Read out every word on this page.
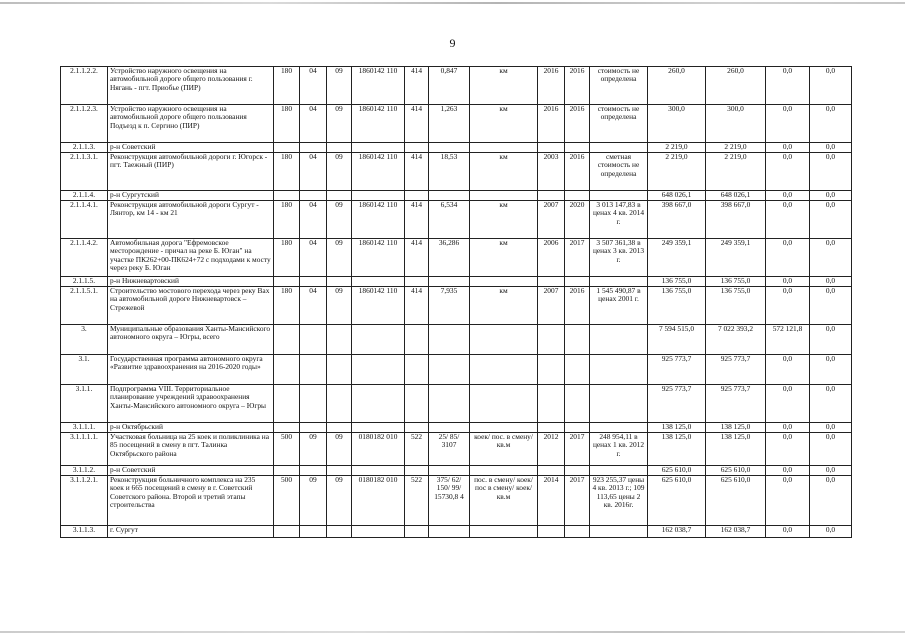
9
2.1.1.2.2.	Устройство наружного освещения на автомобильной дороге общего пользования г. Нягань - пгт. Приобье (ПИР)	180	04	09	1860142 110	414	0,847	км	2016	2016	стоимость не определена	260,0	260,0	0,0	0,0
2.1.1.2.3.	Устройство наружного освещения на автомобильной дороге общего пользования Подъезд к п. Сергино (ПИР)	180	04	09	1860142 110	414	1,263	км	2016	2016	стоимость не определена	300,0	300,0	0,0	0,0
2.1.1.3.	р-н Советский											2 219,0	2 219,0	0,0	0,0
2.1.1.3.1.	Реконструкция автомобильной дороги г. Югорск - пгт. Таежный (ПИР)	180	04	09	1860142 110	414	18,53	км	2003	2016	сметная стоимость не определена	2 219,0	2 219,0	0,0	0,0
2.1.1.4.	р-н Сургутский											648 026,1	648 026,1	0,0	0,0
2.1.1.4.1.	Реконструкция автомобильной дороги Сургут - Лянтор, км 14 - км 21	180	04	09	1860142 110	414	6,534	км	2007	2020	3 013 147,83 в ценах 4 кв. 2014 г.	398 667,0	398 667,0	0,0	0,0
2.1.1.4.2.	Автомобильная дорога "Ефремовское месторождение - причал на реке Б. Юган" на участке ПК262+00-ПК624+72 с подходами к мосту через реку Б. Юган	180	04	09	1860142 110	414	36,286	км	2006	2017	3 507 361,38 в ценах 3 кв. 2013 г.	249 359,1	249 359,1	0,0	0,0
2.1.1.5.	р-н Нижневартовский											136 755,0	136 755,0	0,0	0,0
2.1.1.5.1.	Строительство мостового перехода через реку Вах на автомобильной дороге Нижневартовск – Стрежевой	180	04	09	1860142 110	414	7,935	км	2007	2016	1 545 490,87 в ценах 2001 г.	136 755,0	136 755,0	0,0	0,0
3.	Муниципальные образования Ханты-Мансийского автономного округа – Югры, всего											7 594 515,0	7 022 393,2	572 121,8	0,0
3.1.	Государственная программа автономного округа «Развитие здравоохранения на 2016-2020 годы»											925 773,7	925 773,7	0,0	0,0
3.1.1.	Подпрограмма VIII. Территориальное планирование учреждений здравоохранения Ханты-Мансийского автономного округа – Югры											925 773,7	925 773,7	0,0	0,0
3.1.1.1.	р-н Октябрьский											138 125,0	138 125,0	0,0	0,0
3.1.1.1.1.	Участковая больница на 25 коек и поликлиника на 85 посещений в смену в пгт. Талинка Октябрьского района	500	09	09	0180182 010	522	25/ 85/ 3107	коек/ пос. в смену/ кв.м	2012	2017	248 954,11 в ценах 1 кв. 2012 г.	138 125,0	138 125,0	0,0	0,0
3.1.1.2.	р-н Советский											625 610,0	625 610,0	0,0	0,0
3.1.1.2.1.	Реконструкция больничного комплекса на 235 коек и 665 посещений в смену в г. Советский Советского района. Второй и третий этапы строительства	500	09	09	0180182 010	522	375/ 62/ 150/ 99/ 15730,8 4	пос. в смену/ коек/ пос в смену/ коек/ кв.м	2014	2017	923 255,37 цены 4 кв. 2013 г.; 109 113,65 цены 2 кв. 2016г.	625 610,0	625 610,0	0,0	0,0
3.1.1.3.	г. Сургут											162 038,7	162 038,7	0,0	0,0
